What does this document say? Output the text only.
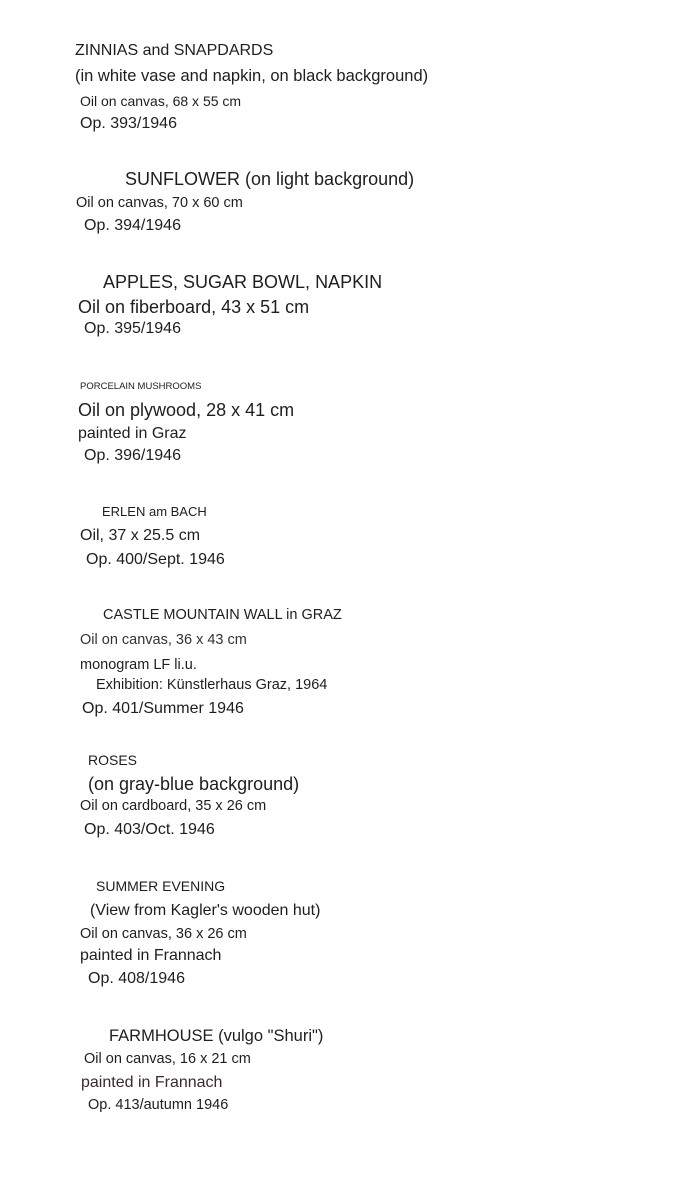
ZINNIAS and SNAPDARDS
(in white vase and napkin, on black background)
Oil on canvas, 68 x 55 cm
Op. 393/1946
SUNFLOWER (on light background)
Oil on canvas, 70 x 60 cm
Op. 394/1946
APPLES, SUGAR BOWL, NAPKIN
Oil on fiberboard, 43 x 51 cm
Op. 395/1946
PORCELAIN MUSHROOMS
Oil on plywood, 28 x 41 cm
painted in Graz
Op. 396/1946
ERLEN am BACH
Oil, 37 x 25.5 cm
Op. 400/Sept. 1946
CASTLE MOUNTAIN WALL in GRAZ
Oil on canvas, 36 x 43 cm
monogram LF li.u.
Exhibition: Künstlerhaus Graz, 1964
Op. 401/Summer 1946
ROSES
(on gray-blue background)
Oil on cardboard, 35 x 26 cm
Op. 403/Oct. 1946
SUMMER EVENING
(View from Kagler's wooden hut)
Oil on canvas, 36 x 26 cm
painted in Frannach
Op. 408/1946
FARMHOUSE (vulgo "Shuri")
Oil on canvas, 16 x 21 cm
painted in Frannach
Op. 413/autumn 1946
